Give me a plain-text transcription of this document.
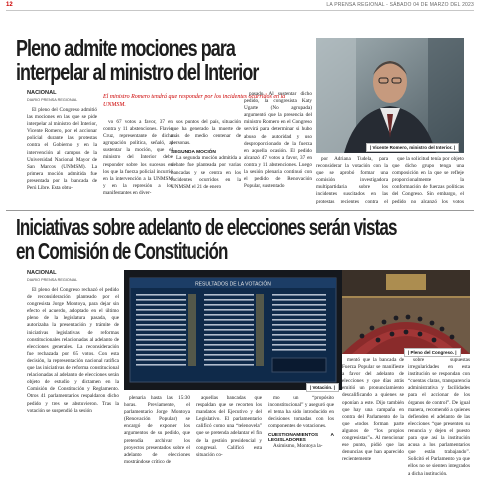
12	LA PRENSA REGIONAL - SÁBADO 04 DE MARZO DEL 2023
Pleno admite mociones para
interpelar al ministro del Interior
| Vicente Romero, ministro del Interior. |
NACIONAL
DIARIO PRENSA REGIONAL

El pleno del Congreso admitió las mociones en las que se pide interpelar al ministro del Interior, Vicente Romero, por el accionar policial durante las protestas contra el Gobierno y en la intervención al campus de la Universidad Nacional Mayor de San Marcos (UNMSM). La primera moción admitida fue presentada por la bancada de Perú Libre. Esta obtu-

El ministro Romero tendrá que responder por los incidentes ocurridos en la UNMSM.

vo 67 votos a favor, 37 en contra y 11 abstenciones. Flavio Cruz, representante de dicha agrupación política, señaló, al sustentar la moción, que el ministro del Interior debe responder sobre los sucesos en los que la fuerza policial incurrió en la intervención a la UNMSM y en la represión a los manifestantes en diver-

sos puntos del país, situación que ha generado la muerte de más de medio centenar de personas.

SEGUNDA MOCIÓN

La segunda moción admitida a debate fue planteada por varias bancadas y se centra en los incidentes ocurridos en la UNMSM el 21 de enero

pasado. Al sustentar dicho pedido, la congresista Katy Ugarte (No agrupada) argumentó que la presencia del ministro Romero en el Congreso servirá para determinar si hubo abuso de autoridad y uso desproporcionado de la fuerza en aquella ocasión. El pedido alcanzó 47 votos a favor, 37 en contra y 11 abstenciones. Luego la sesión plenaria continuó con el pedido de Renovación Popular, sustentado

por Adriana Tudela, para reconsiderar la votación con la que se aprobó formar una comisión investigadora multipartidaria sobre los incidentes suscitados en las protestas recientes contra el

que la solicitud tenía por objeto que dicho grupo tenga una composición en la que se refleje proporcionalmente la conformación de fuerzas políticas del Congreso. Sin embargo, el pedido no alcanzó los votos

Iniciativas sobre adelanto de elecciones serán vistas
en Comisión de Constitución
NACIONAL
DIARIO PRENSA REGIONAL

El pleno del Congreso rechazó el pedido de reconsideración planteado por el congresista Jorge Montoya, para dejar sin efecto el acuerdo, adoptado en el último pleno de la legislatura pasada, que autorizaba la presentación y trámite de iniciativas legislativas de reformas constitucionales relacionadas al adelanto de elecciones generales. La reconsideración fue rechazada por 65 votos. Con esta decisión, la representación nacional ratifica que las iniciativas de reforma constitucional relacionadas al adelanto de elecciones serán objeto de estudio y dictamen en la Comisión de Constitución y Reglamento. Otros 41 parlamentarios respaldaron dicho pedido y tres se abstuvieron. Tras la votación se suspendió la sesión

RESULTADOS DE LA VOTACIÓN
| Votación. |

plenaria hasta las 15:30 horas. Previamente, el parlamentario Jorge Montoya (Renovación Popular) se encargó de exponer los argumentos de su pedido, que pretendía archivar los proyectos presentados sobre el adelanto de elecciones mostrándose crítico de

aquellas bancadas que respaldan que se recorten los mandatos del Ejecutivo y del Legislativo. El parlamentario calificó como una “telenovela” que se pretenda adelantar el fin de la gestión presidencial y congresal. Calificó esta situación co-

mo un “propósito inconstitucional” y aseguró que el tema ha sido introducido en decisiones tomadas con los componentes de votaciones.

CUESTIONAMIENTOS A LEGISLADORES

Asimismo, Montoya la-

| Pleno del Congreso. |

mentó que la bancada de Fuerza Popular se manifieste a favor del adelanto de elecciones y que días atrás emitió un pronunciamiento descalificando a quienes se oponían a este. Dijo también que hay una campaña en contra del Parlamento de la que «todos forman parte algunos de “los propios congresistas”». Al mencionar ese punto, pidió que las denuncias que han aparecido recientemente

sobre supuestas irregularidades en esta institución se respondan con “cuentas claras, transparencia administrativa y facilidades para el accionar de los órganos de control”. De igual manera, recomendó a quienes defienden el adelanto de las elecciones “que presenten su renuncia y dejen el puesto para que así la institución acusa a los parlamentarios que están trabajando”. Solicitó el Parlamento ya que ellos no se sienten integrados a dicha institución.
